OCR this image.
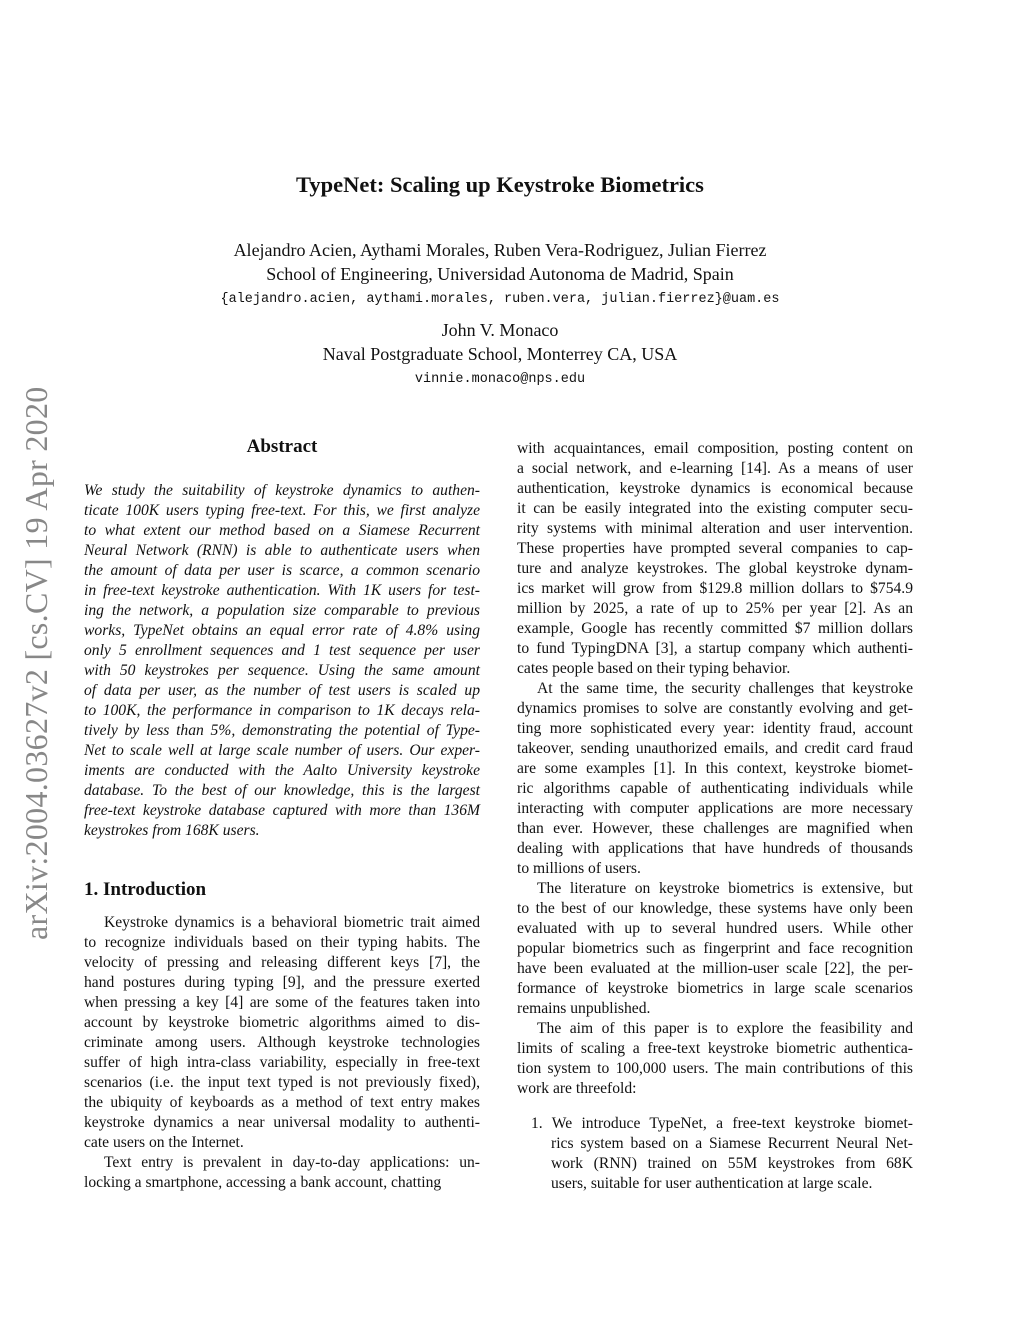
arXiv:2004.03627v2 [cs.CV] 19 Apr 2020
TypeNet: Scaling up Keystroke Biometrics
Alejandro Acien, Aythami Morales, Ruben Vera-Rodriguez, Julian Fierrez
School of Engineering, Universidad Autonoma de Madrid, Spain
{alejandro.acien, aythami.morales, ruben.vera, julian.fierrez}@uam.es
John V. Monaco
Naval Postgraduate School, Monterrey CA, USA
vinnie.monaco@nps.edu
Abstract
We study the suitability of keystroke dynamics to authen-
ticate 100K users typing free-text. For this, we first analyze
to what extent our method based on a Siamese Recurrent
Neural Network (RNN) is able to authenticate users when
the amount of data per user is scarce, a common scenario
in free-text keystroke authentication. With 1K users for test-
ing the network, a population size comparable to previous
works, TypeNet obtains an equal error rate of 4.8% using
only 5 enrollment sequences and 1 test sequence per user
with 50 keystrokes per sequence. Using the same amount
of data per user, as the number of test users is scaled up
to 100K, the performance in comparison to 1K decays rela-
tively by less than 5%, demonstrating the potential of Type-
Net to scale well at large scale number of users. Our exper-
iments are conducted with the Aalto University keystroke
database. To the best of our knowledge, this is the largest
free-text keystroke database captured with more than 136M
keystrokes from 168K users.
1. Introduction
Keystroke dynamics is a behavioral biometric trait aimed
to recognize individuals based on their typing habits. The
velocity of pressing and releasing different keys [7], the
hand postures during typing [9], and the pressure exerted
when pressing a key [4] are some of the features taken into
account by keystroke biometric algorithms aimed to dis-
criminate among users. Although keystroke technologies
suffer of high intra-class variability, especially in free-text
scenarios (i.e. the input text typed is not previously fixed),
the ubiquity of keyboards as a method of text entry makes
keystroke dynamics a near universal modality to authenti-
cate users on the Internet.
Text entry is prevalent in day-to-day applications: un-
locking a smartphone, accessing a bank account, chatting
with acquaintances, email composition, posting content on
a social network, and e-learning [14]. As a means of user
authentication, keystroke dynamics is economical because
it can be easily integrated into the existing computer secu-
rity systems with minimal alteration and user intervention.
These properties have prompted several companies to cap-
ture and analyze keystrokes. The global keystroke dynam-
ics market will grow from $129.8 million dollars to $754.9
million by 2025, a rate of up to 25% per year [2]. As an
example, Google has recently committed $7 million dollars
to fund TypingDNA [3], a startup company which authenti-
cates people based on their typing behavior.
At the same time, the security challenges that keystroke
dynamics promises to solve are constantly evolving and get-
ting more sophisticated every year: identity fraud, account
takeover, sending unauthorized emails, and credit card fraud
are some examples [1]. In this context, keystroke biomet-
ric algorithms capable of authenticating individuals while
interacting with computer applications are more necessary
than ever. However, these challenges are magnified when
dealing with applications that have hundreds of thousands
to millions of users.
The literature on keystroke biometrics is extensive, but
to the best of our knowledge, these systems have only been
evaluated with up to several hundred users. While other
popular biometrics such as fingerprint and face recognition
have been evaluated at the million-user scale [22], the per-
formance of keystroke biometrics in large scale scenarios
remains unpublished.
The aim of this paper is to explore the feasibility and
limits of scaling a free-text keystroke biometric authentica-
tion system to 100,000 users. The main contributions of this
work are threefold:
1. We introduce TypeNet, a free-text keystroke biomet-
rics system based on a Siamese Recurrent Neural Net-
work (RNN) trained on 55M keystrokes from 68K
users, suitable for user authentication at large scale.
